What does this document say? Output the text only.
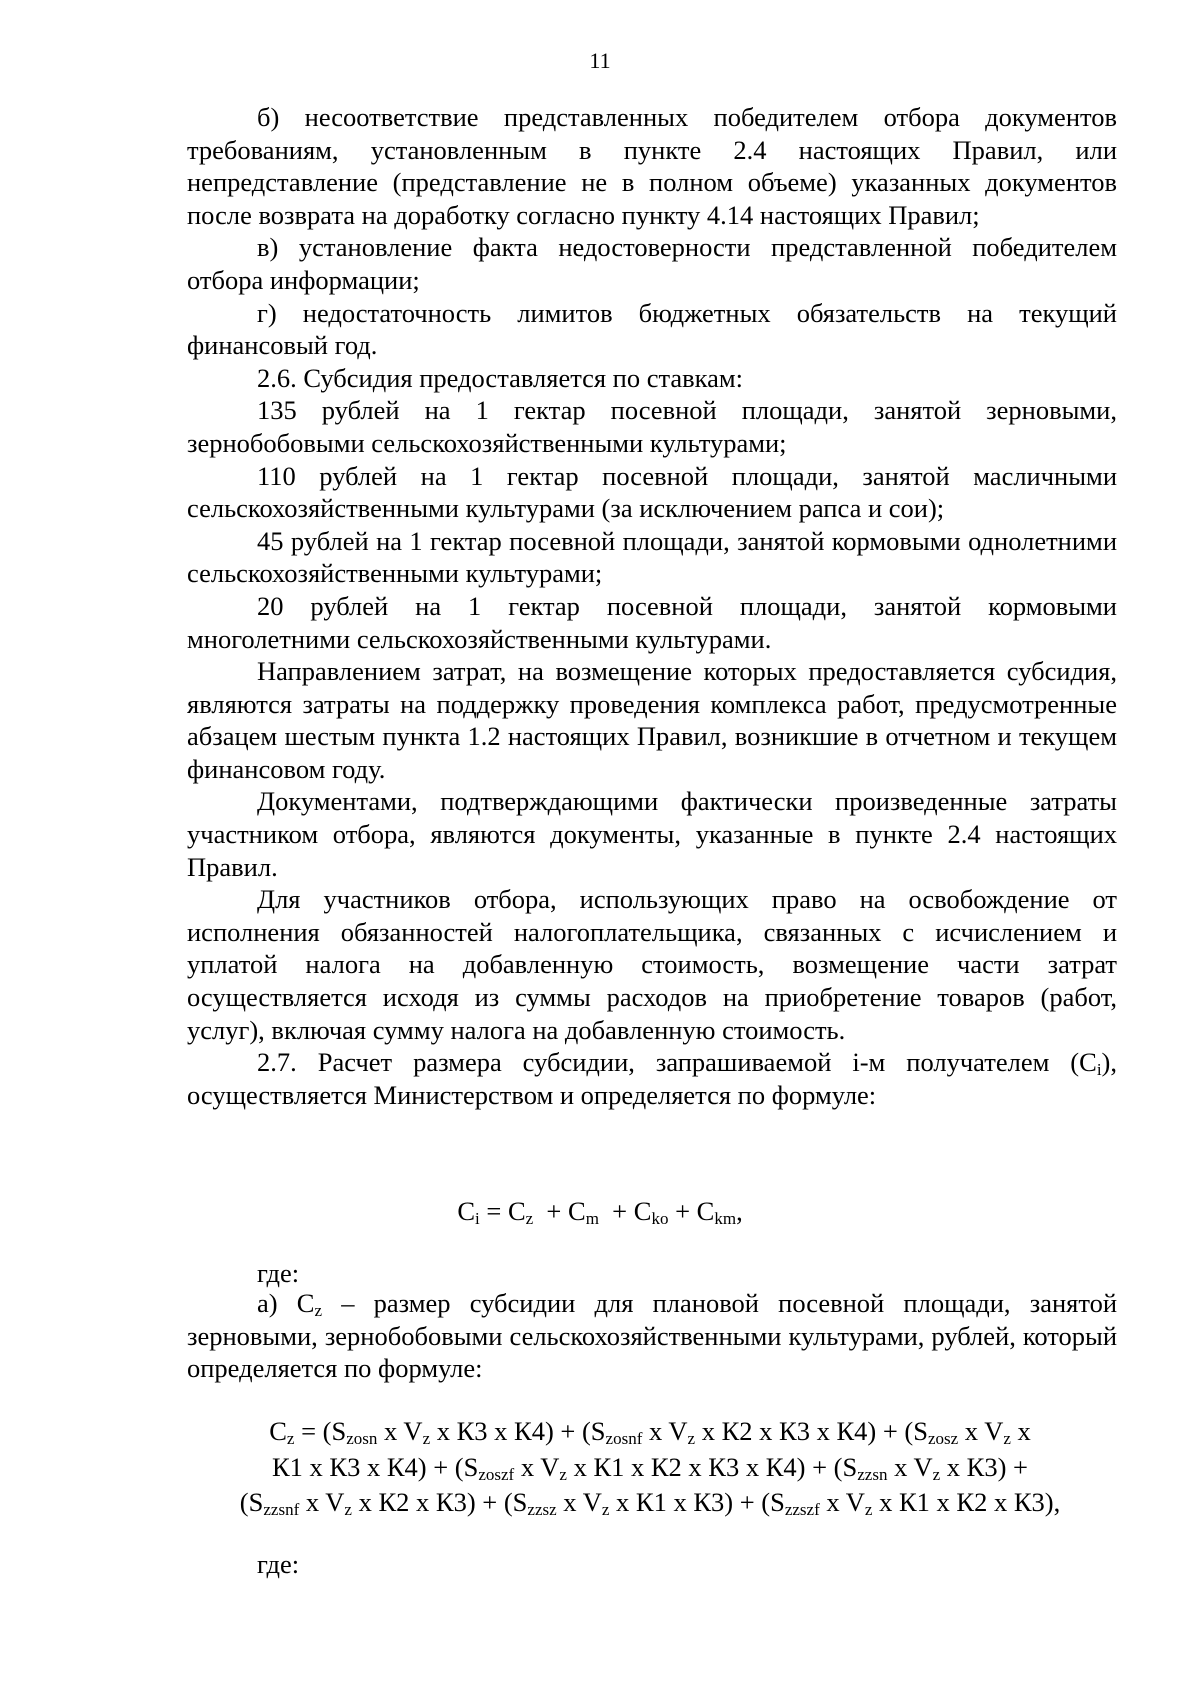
11

б) несоответствие представленных победителем отбора документов требованиям, установленным в пункте 2.4 настоящих Правил, или непредставление (представление не в полном объеме) указанных документов после возврата на доработку согласно пункту 4.14 настоящих Правил;

в) установление факта недостоверности представленной победителем отбора информации;

г) недостаточность лимитов бюджетных обязательств на текущий финансовый год.

2.6. Субсидия предоставляется по ставкам:

135 рублей на 1 гектар посевной площади, занятой зерновыми, зернобобовыми сельскохозяйственными культурами;

110 рублей на 1 гектар посевной площади, занятой масличными сельскохозяйственными культурами (за исключением рапса и сои);

45 рублей на 1 гектар посевной площади, занятой кормовыми однолетними сельскохозяйственными культурами;

20 рублей на 1 гектар посевной площади, занятой кормовыми многолетними сельскохозяйственными культурами.

Направлением затрат, на возмещение которых предоставляется субсидия, являются затраты на поддержку проведения комплекса работ, предусмотренные абзацем шестым пункта 1.2 настоящих Правил, возникшие в отчетном и текущем финансовом году.

Документами, подтверждающими фактически произведенные затраты участником отбора, являются документы, указанные в пункте 2.4 настоящих Правил.

Для участников отбора, использующих право на освобождение от исполнения обязанностей налогоплательщика, связанных с исчислением и уплатой налога на добавленную стоимость, возмещение части затрат осуществляется исходя из суммы расходов на приобретение товаров (работ, услуг), включая сумму налога на добавленную стоимость.

2.7. Расчет размера субсидии, запрашиваемой i-м получателем $(C_i)$, осуществляется Министерством и определяется по формуле:

$C_i = C_z + C_m + C_{ko} + C_{km}$,
где:

а) $C_z$ – размер субсидии для плановой посевной площади, занятой зерновыми, зернобобовыми сельскохозяйственными культурами, рублей, который определяется по формуле:

$C_z = (S_{zosn}$ x $V_z$ x К3 x $К4) + (S_{zosnf}$ x $V_z$ x К2 x К3 x $К4) + (S_{zosz}$ x $V_z$ x
К1 x К3 x $К4) + (S_{zoszf}$ x $V_z$ x К1 x К2 x К3 x $К4) + (S_{zzsn}$ x $V_z$ x К3) +
($S_{zzsnf}$ x $V_z$ x К2 x $К3) + (S_{zzsz}$ x $V_z$ x К1 x $К3) + (S_{zzszf}$ x $V_z$ x К1 x К2 x К3),
где:
